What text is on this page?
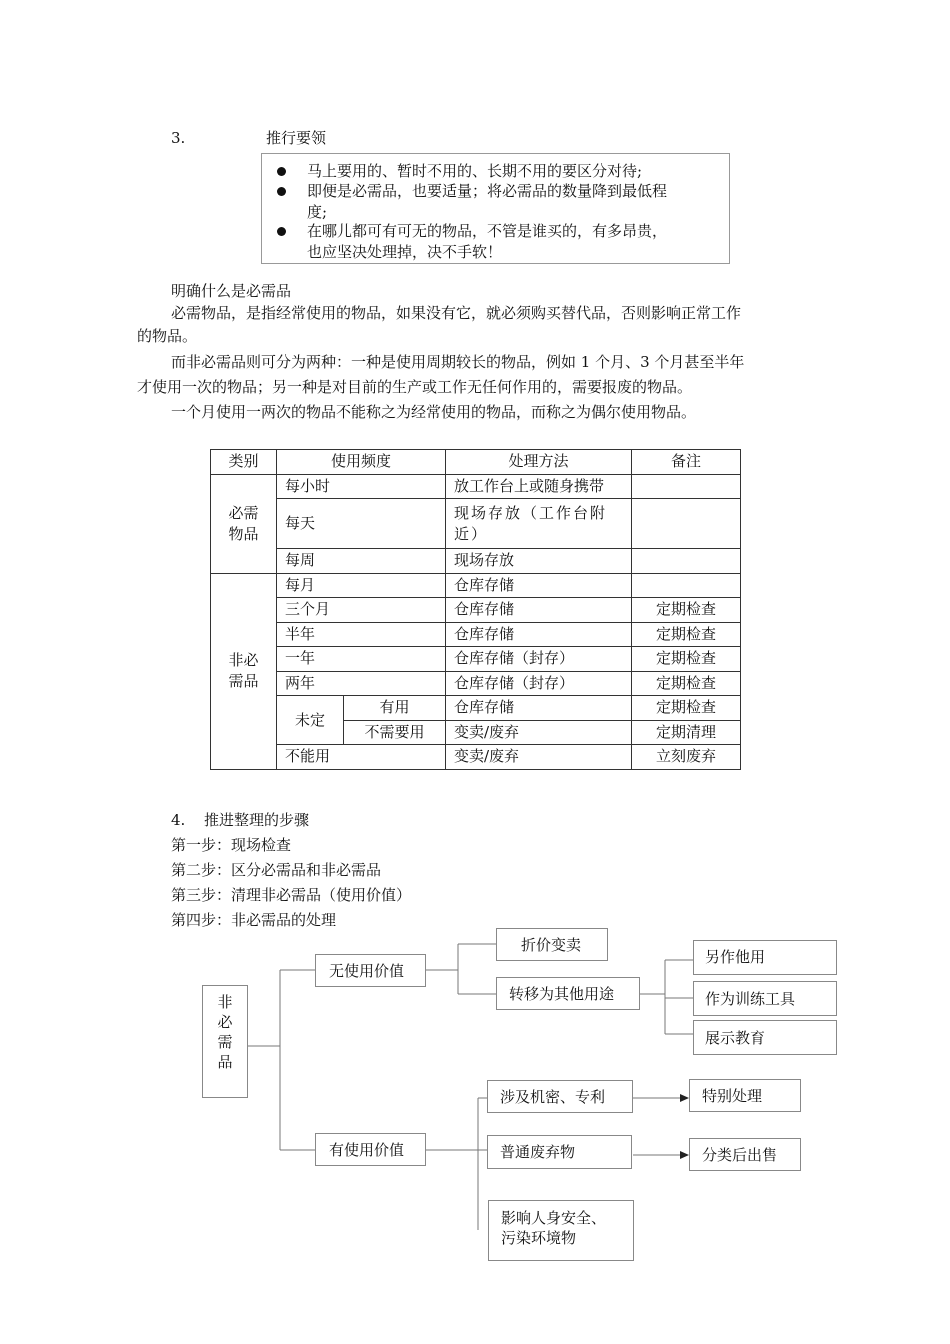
3.	推行要领
马上要用的、暂时不用的、长期不用的要区分对待;
即便是必需品，也要适量；将必需品的数量降到最低程
度;
在哪儿都可有可无的物品，不管是谁买的，有多昂贵，
也应坚决处理掉，决不手软！
明确什么是必需品
必需物品，是指经常使用的物品，如果没有它，就必须购买替代品，否则影响正常工作
的物品。
而非必需品则可分为两种：一种是使用周期较长的物品，例如 1 个月、3 个月甚至半年
才使用一次的物品；另一种是对目前的生产或工作无任何作用的，需要报废的物品。
一个月使用一两次的物品不能称之为经常使用的物品，而称之为偶尔使用物品。
类别	使用频度		处理方法	备注

必需
物品	每小时		放工作台上或随身携带	
	每天		现场存放（工作台附
近）	

	每周		现场存放	

非必
需品	每月		仓库存储	
	三个月		仓库存储	定期检查
	半年		仓库存储	定期检查
	一年		仓库存储（封存）	定期检查
	两年		仓库存储（封存）	定期检查
	未定	有用	仓库存储	定期检查
		不需要用	变卖/废弃	定期清理
	不能用		变卖/废弃	立刻废弃
4. 推进整理的步骤
第一步：现场检查
第二步：区分必需品和非必需品
第三步：清理非必需品（使用价值）
第四步：非必需品的处理
非
必
需
品
无使用价值
有使用价值
折价变卖
转移为其他用途
另作他用
作为训练工具
展示教育
涉及机密、专利	特别处理
普通废弃物	分类后出售
影响人身安全、
污染环境物
